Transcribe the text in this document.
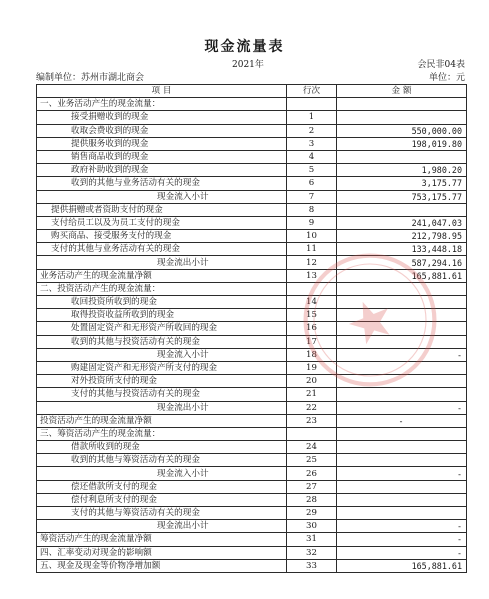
现金流量表
2021年	会民非04表
编制单位：苏州市湖北商会	单位：元
项 目	行次	金 额
一、业务活动产生的现金流量：		
接受捐赠收到的现金	1	
收取会费收到的现金	2	550,000.00
提供服务收到的现金	3	198,019.80
销售商品收到的现金	4	
政府补助收到的现金	5	1,980.20
收到的其他与业务活动有关的现金	6	3,175.77
现金流入小计	7	753,175.77
提供捐赠或者资助支付的现金	8	
支付给员工以及为员工支付的现金	9	241,047.03
购买商品、接受服务支付的现金	10	212,798.95
支付的其他与业务活动有关的现金	11	133,448.18
现金流出小计	12	587,294.16
业务活动产生的现金流量净额	13	165,881.61
二、投资活动产生的现金流量：		
收回投资所收到的现金	14	
取得投资收益所收到的现金	15	
处置固定资产和无形资产所收回的现金	16	
收到的其他与投资活动有关的现金	17	
现金流入小计	18	-
购建固定资产和无形资产所支付的现金	19	
对外投资所支付的现金	20	
支付的其他与投资活动有关的现金	21	
现金流出小计	22	-
投资活动产生的现金流量净额	23	-
三、筹资活动产生的现金流量：		
借款所收到的现金	24	
收到的其他与筹资活动有关的现金	25	
现金流入小计	26	-
偿还借款所支付的现金	27	
偿付利息所支付的现金	28	
支付的其他与筹资活动有关的现金	29	
现金流出小计	30	-
筹资活动产生的现金流量净额	31	-
四、汇率变动对现金的影响额	32	-
五、现金及现金等价物净增加额	33	165,881.61
